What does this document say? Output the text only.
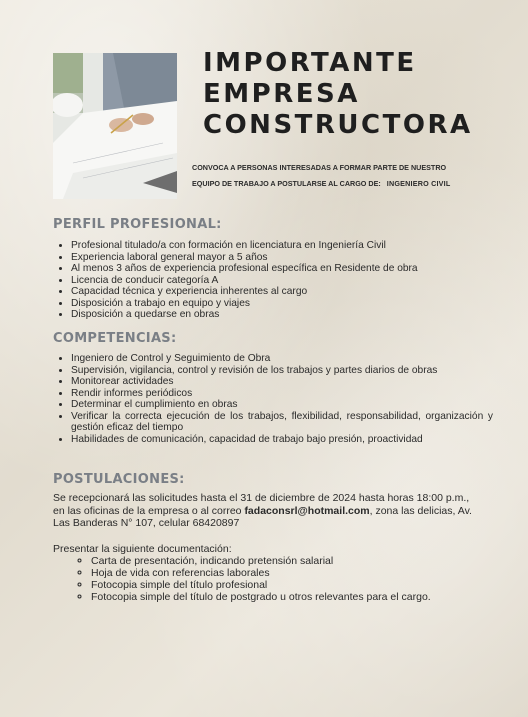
IMPORTANTE
EMPRESA
CONSTRUCTORA
CONVOCA A PERSONAS INTERESADAS A FORMAR PARTE DE NUESTRO
EQUIPO DE TRABAJO A POSTULARSE AL CARGO DE: INGENIERO CIVIL
PERFIL PROFESIONAL:
• Profesional titulado/a con formación en licenciatura en Ingeniería Civil
• Experiencia laboral general mayor a 5 años
• Al menos 3 años de experiencia profesional específica en Residente de obra
• Licencia de conducir categoría A
• Capacidad técnica y experiencia inherentes al cargo
• Disposición a trabajo en equipo y viajes
• Disposición a quedarse en obras
COMPETENCIAS:
• Ingeniero de Control y Seguimiento de Obra
• Supervisión, vigilancia, control y revisión de los trabajos y partes diarios de obras
• Monitorear actividades
• Rendir informes periódicos
• Determinar el cumplimiento en obras
• Verificar la correcta ejecución de los trabajos, flexibilidad, responsabilidad, organización y gestión eficaz del tiempo
• Habilidades de comunicación, capacidad de trabajo bajo presión, proactividad
POSTULACIONES:

Se recepcionará las solicitudes hasta el 31 de diciembre de 2024 hasta horas 18:00 p.m., en las oficinas de la empresa o al correo fadaconsrl@hotmail.com, zona las delicias, Av. Las Banderas N° 107, celular 68420897

Presentar la siguiente documentación:

◦ Carta de presentación, indicando pretensión salarial
◦ Hoja de vida con referencias laborales
◦ Fotocopia simple del título profesional
◦ Fotocopia simple del título de postgrado u otros relevantes para el cargo.
